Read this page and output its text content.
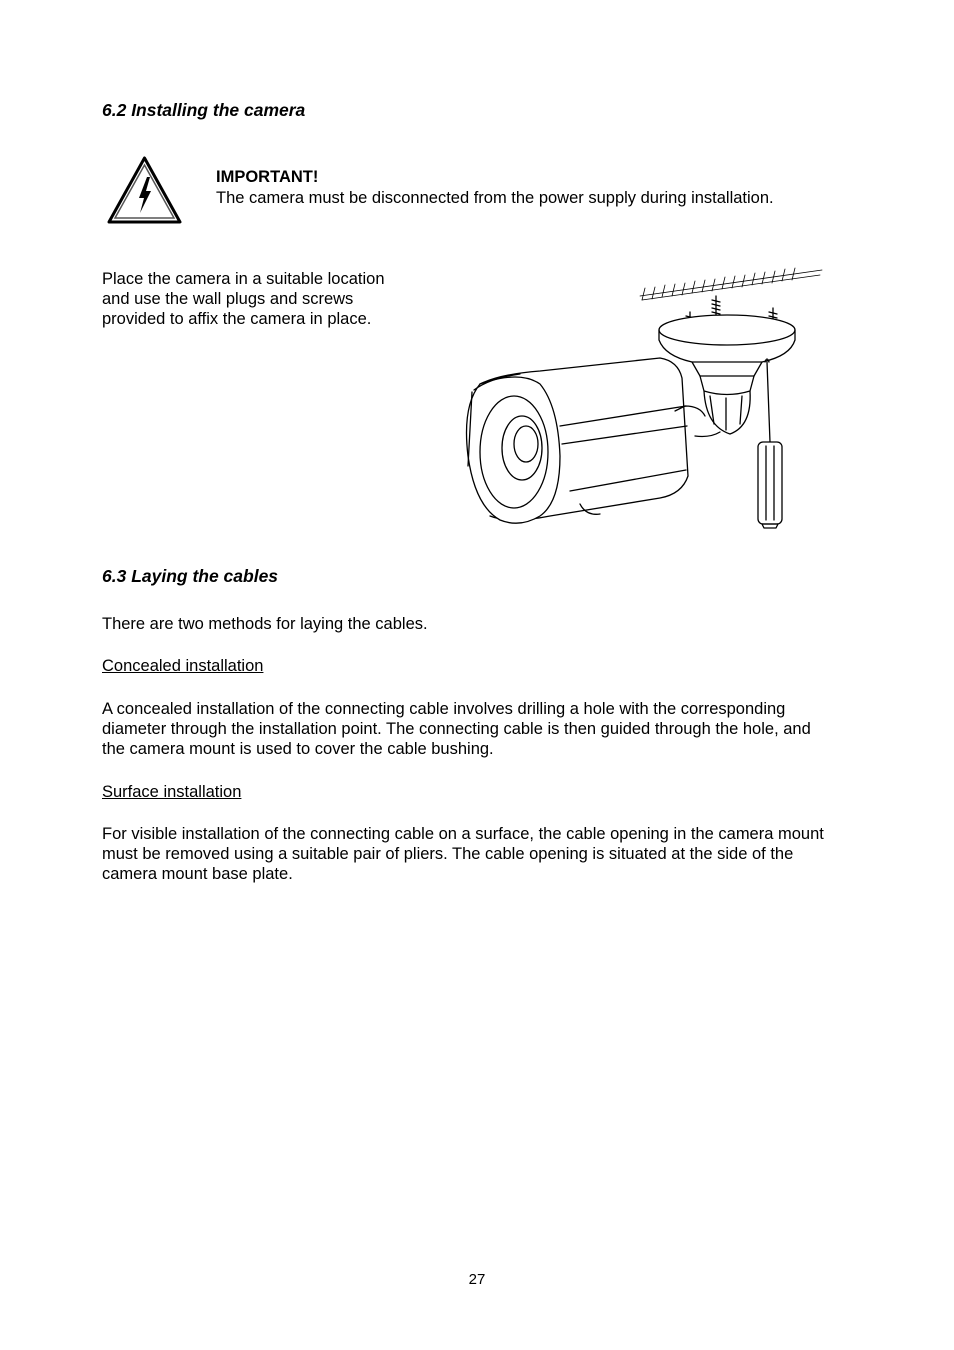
6.2 Installing the camera
IMPORTANT!
The camera must be disconnected from the power supply during installation.
Place the camera in a suitable location
and use the wall plugs and screws
provided to affix the camera in place.
6.3 Laying the cables
There are two methods for laying the cables.
Concealed installation
A concealed installation of the connecting cable involves drilling a hole with the corresponding
diameter through the installation point. The connecting cable is then guided through the hole, and
the camera mount is used to cover the cable bushing.
Surface installation
For visible installation of the connecting cable on a surface, the cable opening in the camera mount
must be removed using a suitable pair of pliers. The cable opening is situated at the side of the
camera mount base plate.
27
